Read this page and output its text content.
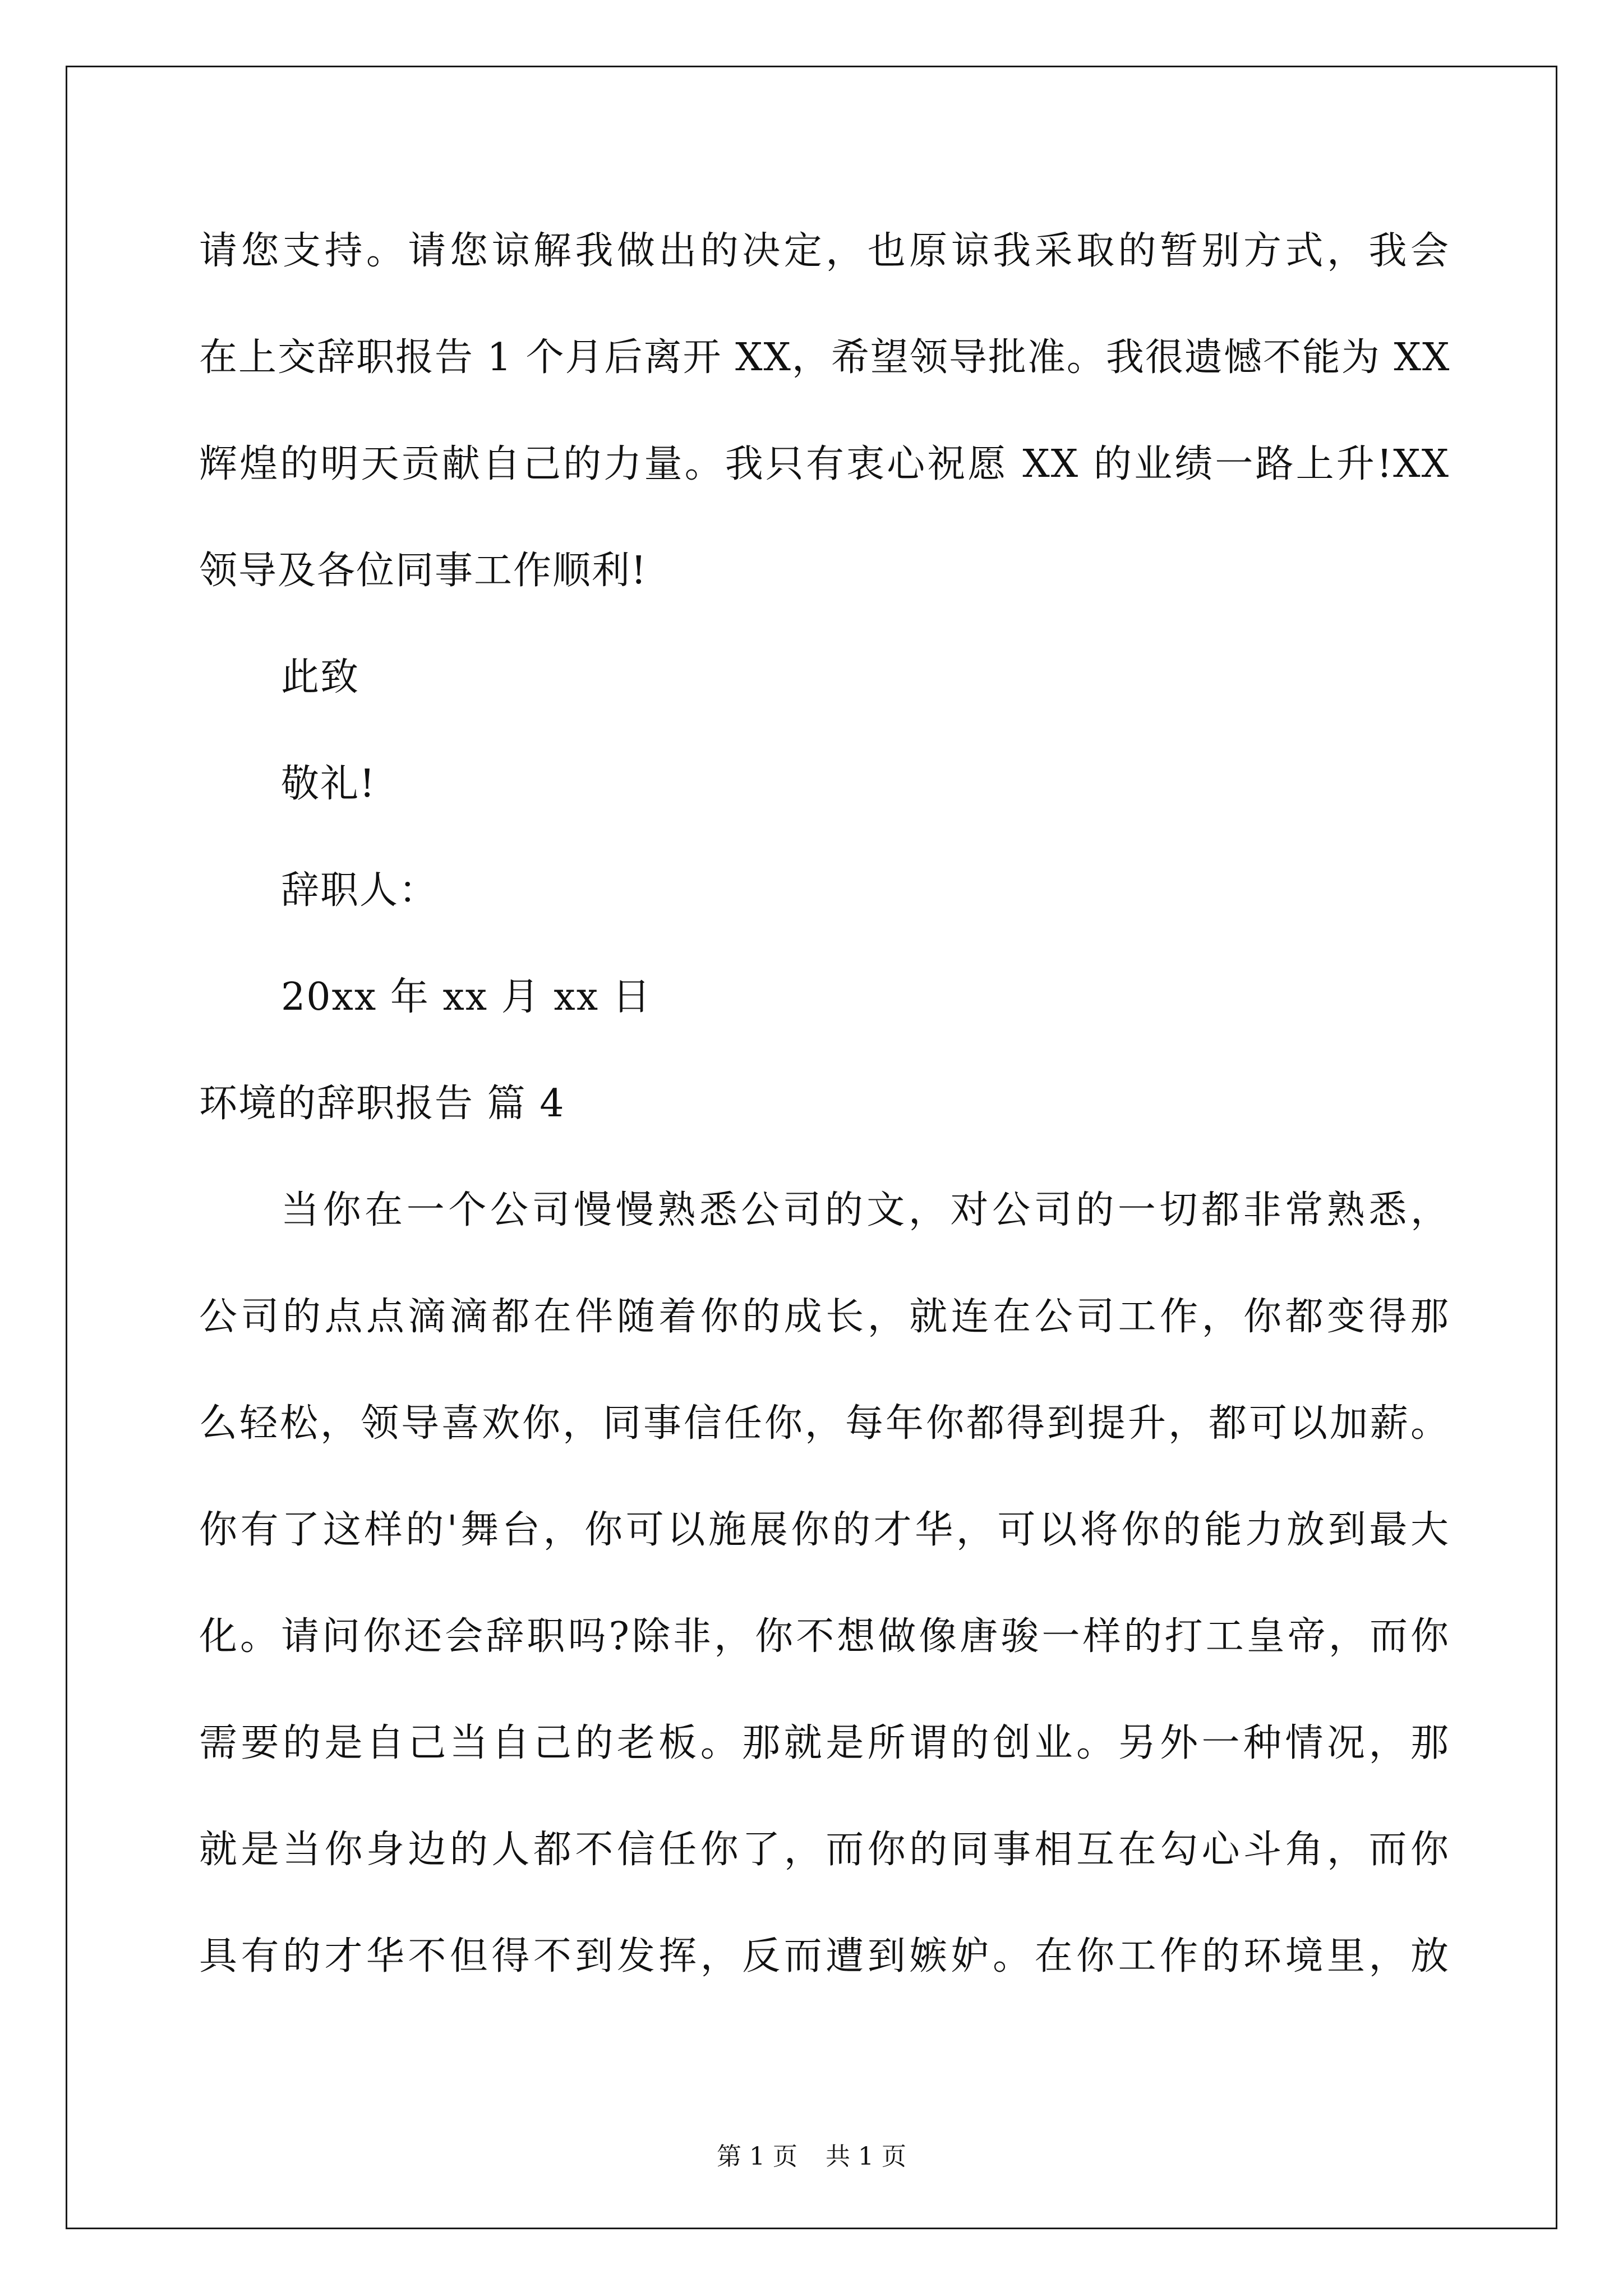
请您支持。请您谅解我做出的决定，也原谅我采取的暂别方式，我会
在上交辞职报告 1 个月后离开 XX，希望领导批准。我很遗憾不能为 XX
辉煌的明天贡献自己的力量。我只有衷心祝愿 XX 的业绩一路上升!XX
领导及各位同事工作顺利!
此致
敬礼!
辞职人：
20xx 年 xx 月 xx 日
环境的辞职报告 篇 4
当你在一个公司慢慢熟悉公司的文，对公司的一切都非常熟悉，
公司的点点滴滴都在伴随着你的成长，就连在公司工作，你都变得那
么轻松，领导喜欢你，同事信任你，每年你都得到提升，都可以加薪。
你有了这样的'舞台，你可以施展你的才华，可以将你的能力放到最大
化。请问你还会辞职吗?除非，你不想做像唐骏一样的打工皇帝，而你
需要的是自己当自己的老板。那就是所谓的创业。另外一种情况，那
就是当你身边的人都不信任你了，而你的同事相互在勾心斗角，而你
具有的才华不但得不到发挥，反而遭到嫉妒。在你工作的环境里，放
第 1 页 共 1 页
